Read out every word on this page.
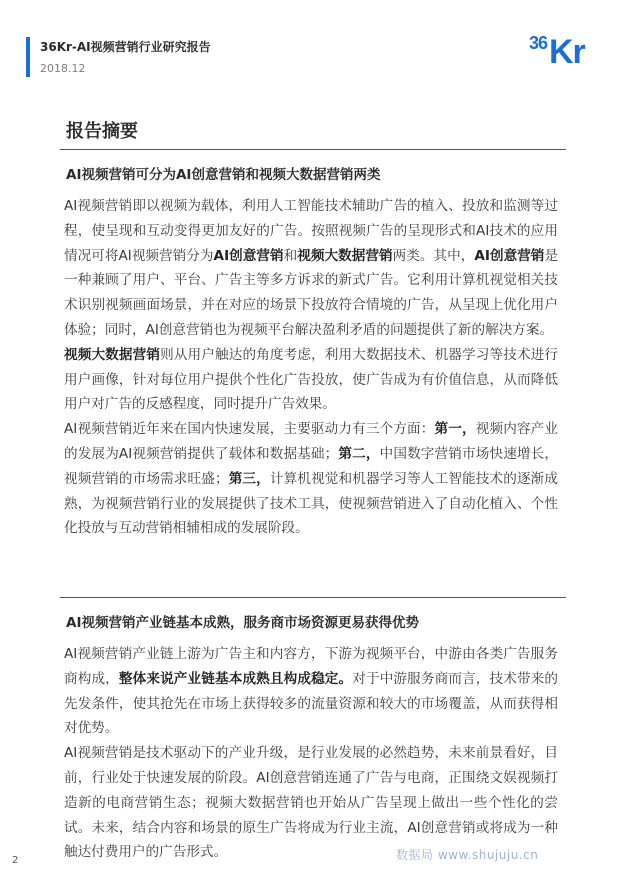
36Kr-AI视频营销行业研究报告
2018.12
36 Kr
报告摘要
AI视频营销可分为AI创意营销和视频大数据营销两类

AI视频营销即以视频为载体，利用人工智能技术辅助广告的植入、投放和监测等过程，使呈现和互动变得更加友好的广告。按照视频广告的呈现形式和AI技术的应用情况可将AI视频营销分为AI创意营销和视频大数据营销两类。其中，AI创意营销是一种兼顾了用户、平台、广告主等多方诉求的新式广告。它利用计算机视觉相关技术识别视频画面场景，并在对应的场景下投放符合情境的广告，从呈现上优化用户体验；同时，AI创意营销也为视频平台解决盈利矛盾的问题提供了新的解决方案。

视频大数据营销则从用户触达的角度考虑，利用大数据技术、机器学习等技术进行用户画像，针对每位用户提供个性化广告投放，使广告成为有价值信息，从而降低用户对广告的反感程度，同时提升广告效果。

AI视频营销近年来在国内快速发展，主要驱动力有三个方面：第一，视频内容产业的发展为AI视频营销提供了载体和数据基础；第二，中国数字营销市场快速增长，视频营销的市场需求旺盛；第三，计算机视觉和机器学习等人工智能技术的逐渐成熟，为视频营销行业的发展提供了技术工具，使视频营销进入了自动化植入、个性化投放与互动营销相辅相成的发展阶段。

AI视频营销产业链基本成熟，服务商市场资源更易获得优势

AI视频营销产业链上游为广告主和内容方，下游为视频平台，中游由各类广告服务商构成，整体来说产业链基本成熟且构成稳定。对于中游服务商而言，技术带来的先发条件，使其抢先在市场上获得较多的流量资源和较大的市场覆盖，从而获得相对优势。

AI视频营销是技术驱动下的产业升级，是行业发展的必然趋势，未来前景看好，目前，行业处于快速发展的阶段。AI创意营销连通了广告与电商，正围绕文娱视频打造新的电商营销生态；视频大数据营销也开始从广告呈现上做出一些个性化的尝试。未来，结合内容和场景的原生广告将成为行业主流，AI创意营销或将成为一种触达付费用户的广告形式。

2	数据局 www.shujuju.cn
